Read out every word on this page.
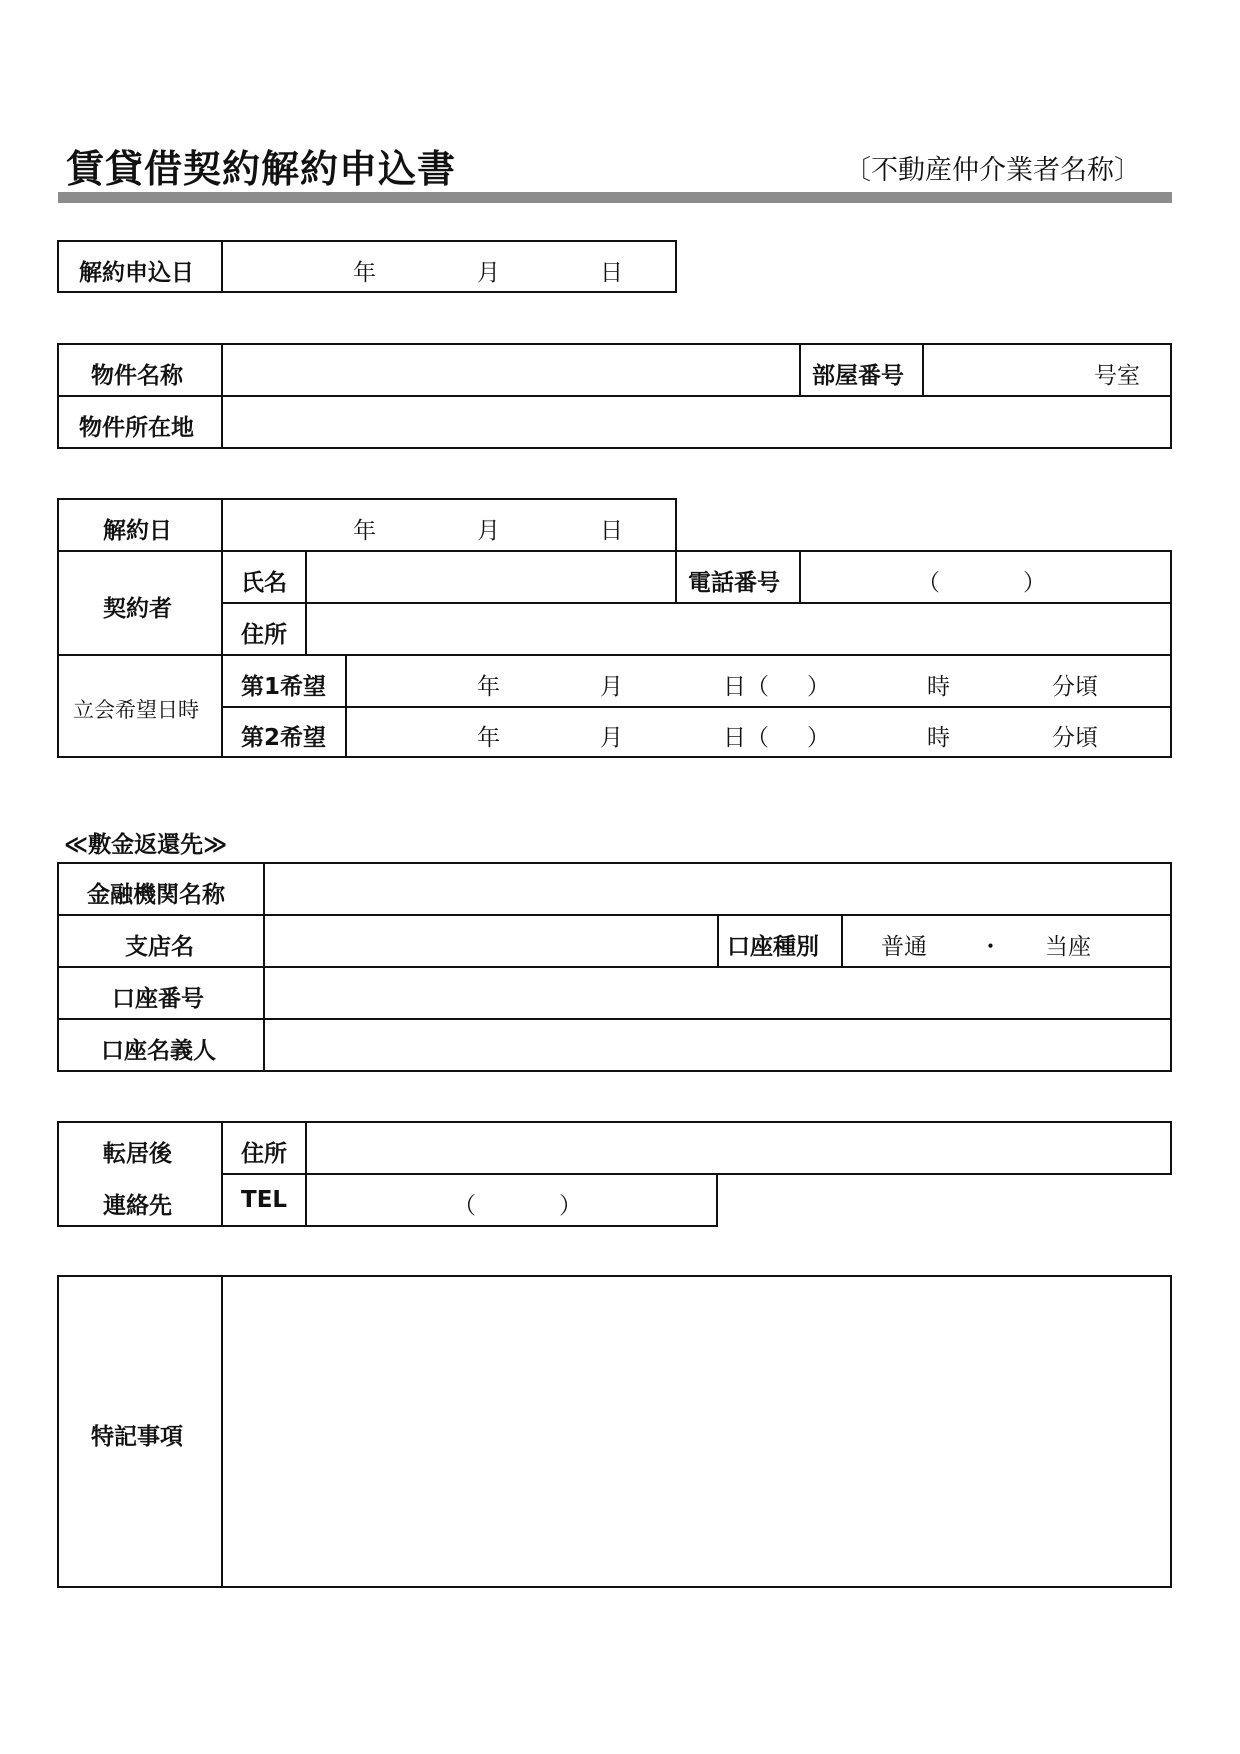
賃貸借契約解約申込書	〔不動産仲介業者名称〕
解約申込日	年	月	日
物件名称	部屋番号	号室
物件所在地
解約日	年	月	日
契約者
氏名	電話番号	（	）
住所
立会希望日時
第1希望	年	月	日（ ）	時	分頃
第2希望	年	月	日（ ）	時	分頃
≪敷金返還先≫
金融機関名称
支店名	口座種別	普通 ・ 当座
口座番号
口座名義人
転居後
連絡先
住所
TEL	（	）
特記事項
